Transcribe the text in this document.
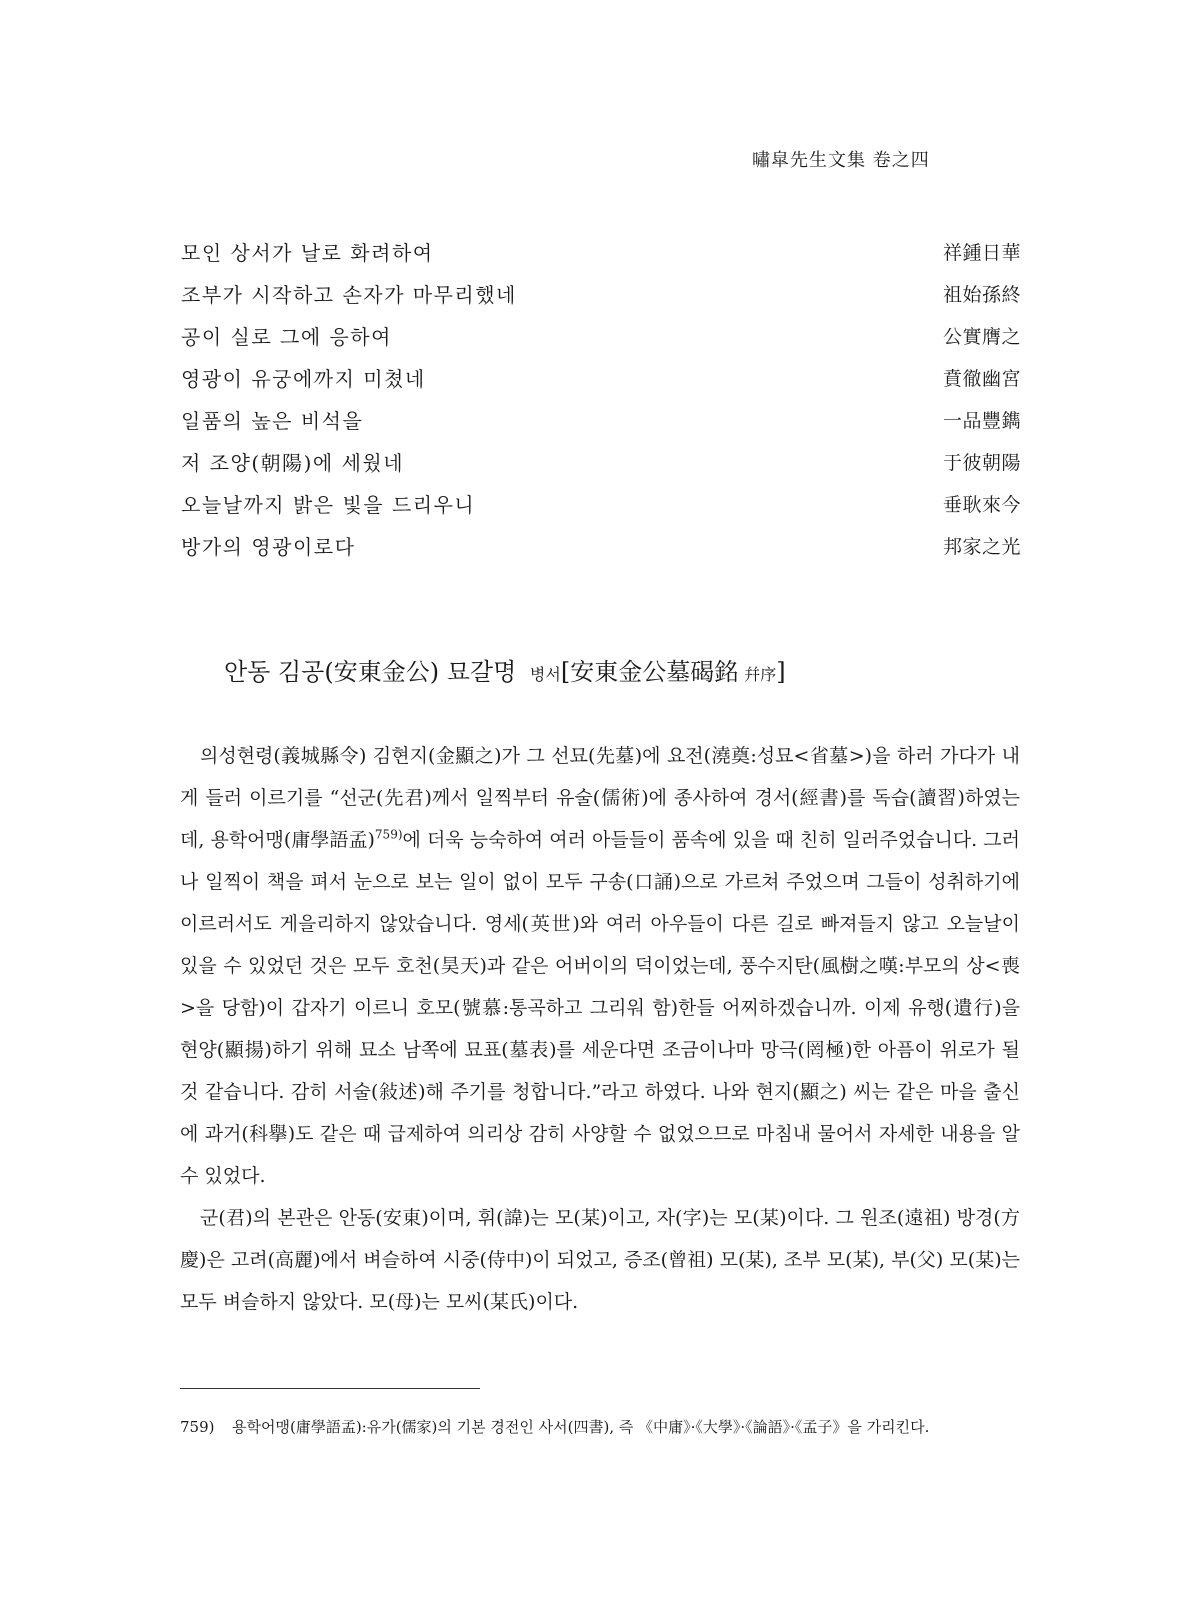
嘯皐先生文集 卷之四
모인 상서가 날로 화려하여	祥鍾日華
조부가 시작하고 손자가 마무리했네	祖始孫終
공이 실로 그에 응하여	公實膺之
영광이 유궁에까지 미쳤네	賁徹幽宮
일품의 높은 비석을	一品豐鐫
저 조양(朝陽)에 세웠네	于彼朝陽
오늘날까지 밝은 빛을 드리우니	垂耿來今
방가의 영광이로다	邦家之光
안동 김공(安東金公) 묘갈명 병서[安東金公墓碣銘 幷序]

의성현령(義城縣令) 김현지(金顯之)가 그 선묘(先墓)에 요전(澆奠:성묘<省墓>)을 하러 가다가 내게 들러 이르기를 “선군(先君)께서 일찍부터 유술(儒術)에 종사하여 경서(經書)를 독습(讀習)하였는데, 용학어맹(庸學語孟)$^{759)}$에 더욱 능숙하여 여러 아들들이 품속에 있을 때 친히 일러주었습니다. 그러나 일찍이 책을 펴서 눈으로 보는 일이 없이 모두 구송(口誦)으로 가르쳐 주었으며 그들이 성취하기에 이르러서도 게을리하지 않았습니다. 영세(英世)와 여러 아우들이 다른 길로 빠져들지 않고 오늘날이 있을 수 있었던 것은 모두 호천(昊天)과 같은 어버이의 덕이었는데, 풍수지탄(風樹之嘆:부모의 상<喪>을 당함)이 갑자기 이르니 호모(號慕:통곡하고 그리워 함)한들 어찌하겠습니까. 이제 유행(遺行)을 현양(顯揚)하기 위해 묘소 남쪽에 묘표(墓表)를 세운다면 조금이나마 망극(罔極)한 아픔이 위로가 될 것 같습니다. 감히 서술(敍述)해 주기를 청합니다.”라고 하였다. 나와 현지(顯之) 씨는 같은 마을 출신에 과거(科擧)도 같은 때 급제하여 의리상 감히 사양할 수 없었으므로 마침내 물어서 자세한 내용을 알 수 있었다.

군(君)의 본관은 안동(安東)이며, 휘(諱)는 모(某)이고, 자(字)는 모(某)이다. 그 원조(遠祖) 방경(方慶)은 고려(高麗)에서 벼슬하여 시중(侍中)이 되었고, 증조(曾祖) 모(某), 조부 모(某), 부(父) 모(某)는 모두 벼슬하지 않았다. 모(母)는 모씨(某氏)이다.

759)	용학어맹(庸學語孟):유가(儒家)의 기본 경전인 사서(四書), 즉 《中庸》·《大學》·《論語》·《孟子》을 가리킨다.
